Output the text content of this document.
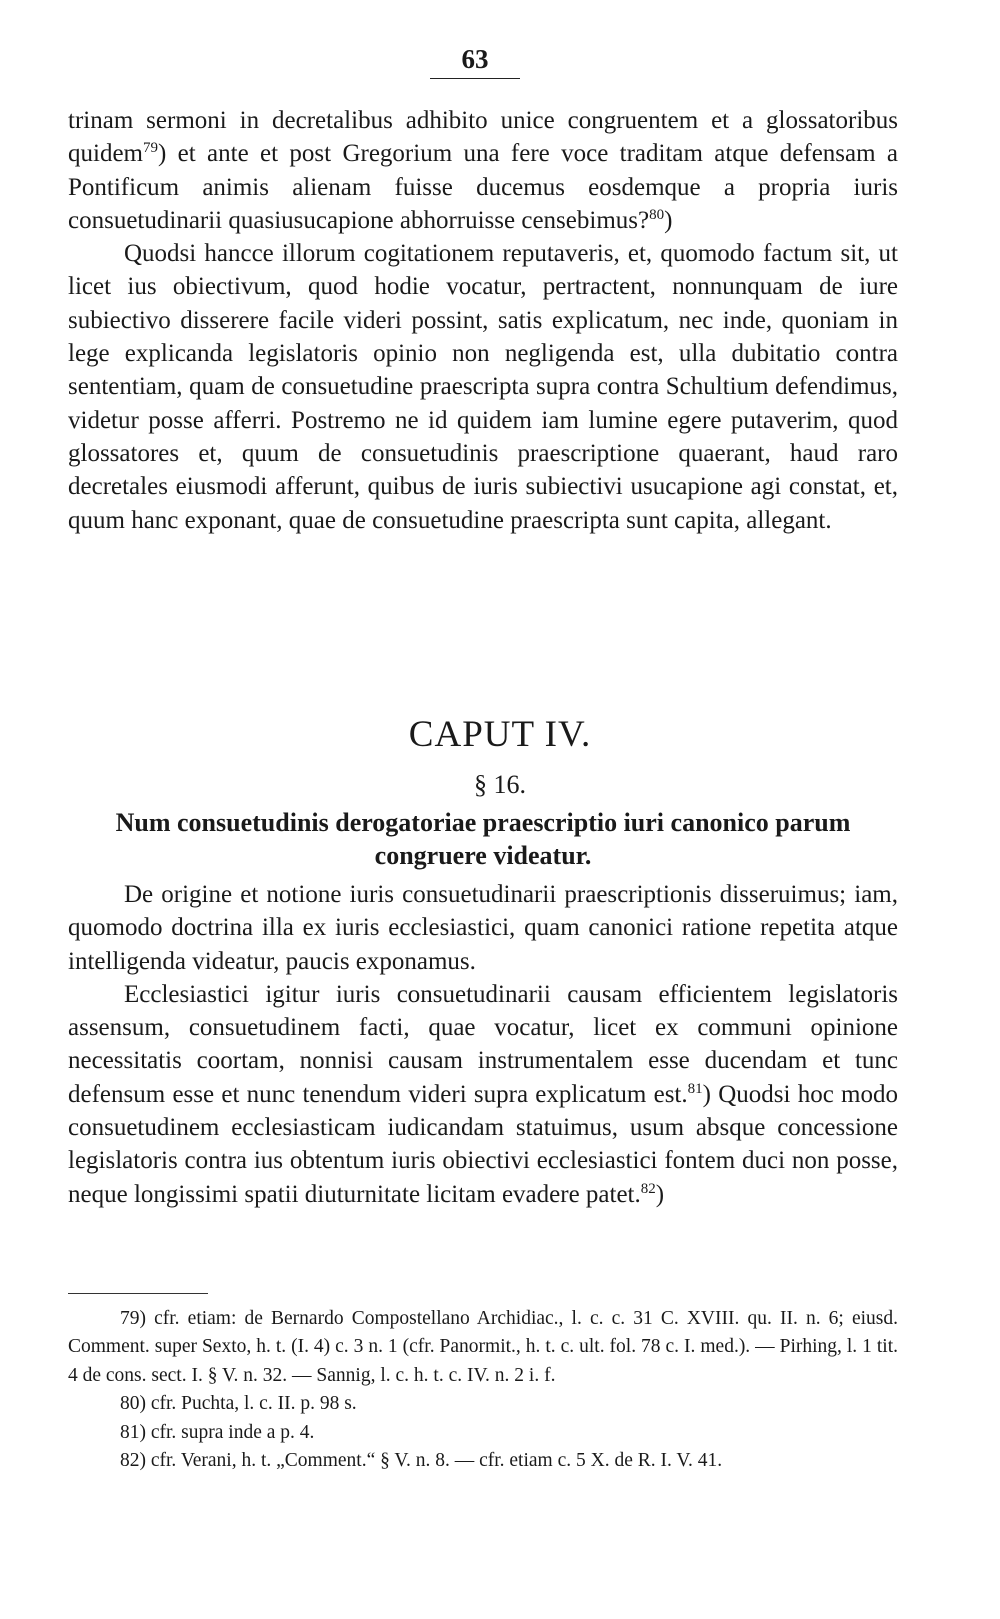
63

trinam sermoni in decretalibus adhibito unice congruentem et a glossatoribus quidem$^{79}$) et ante et post Gregorium una fere voce traditam atque defensam a Pontificum animis alienam fuisse ducemus eosdemque a propria iuris consuetudinarii quasiusucapione abhorruisse censebimus?$^{80}$)

Quodsi hancce illorum cogitationem reputaveris, et, quomodo factum sit, ut licet ius obiectivum, quod hodie vocatur, pertractent, nonnunquam de iure subiectivo disserere facile videri possint, satis explicatum, nec inde, quoniam in lege explicanda legislatoris opinio non negligenda est, ulla dubitatio contra sententiam, quam de consuetudine praescripta supra contra Schultium defendimus, videtur posse afferri. Postremo ne id quidem iam lumine egere putaverim, quod glossatores et, quum de consuetudinis praescriptione quaerant, haud raro decretales eiusmodi afferunt, quibus de iuris subiectivi usucapione agi constat, et, quum hanc exponant, quae de consuetudine praescripta sunt capita, allegant.

CAPUT IV.
§ 16.
Num consuetudinis derogatoriae praescriptio iuri canonico parum congruere videatur.

De origine et notione iuris consuetudinarii praescriptionis disseruimus; iam, quomodo doctrina illa ex iuris ecclesiastici, quam canonici ratione repetita atque intelligenda videatur, paucis exponamus.

Ecclesiastici igitur iuris consuetudinarii causam efficientem legislatoris assensum, consuetudinem facti, quae vocatur, licet ex communi opinione necessitatis coortam, nonnisi causam instrumentalem esse ducendam et tunc defensum esse et nunc tenendum videri supra explicatum est.$^{81}$) Quodsi hoc modo consuetudinem ecclesiasticam iudicandam statuimus, usum absque concessione legislatoris contra ius obtentum iuris obiectivi ecclesiastici fontem duci non posse, neque longissimi spatii diuturnitate licitam evadere patet.$^{82}$)

79) cfr. etiam: de Bernardo Compostellano Archidiac., l. c. c. 31 C. XVIII. qu. II. n. 6; eiusd. Comment. super Sexto, h. t. (I. 4) c. 3 n. 1 (cfr. Panormit., h. t. c. ult. fol. 78 c. I. med.). — Pirhing, l. 1 tit. 4 de cons. sect. I. § V. n. 32. — Sannig, l. c. h. t. c. IV. n. 2 i. f.

80) cfr. Puchta, l. c. II. p. 98 s.

81) cfr. supra inde a p. 4.

82) cfr. Verani, h. t. „Comment.“ § V. n. 8. — cfr. etiam c. 5 X. de R. I. V. 41.
